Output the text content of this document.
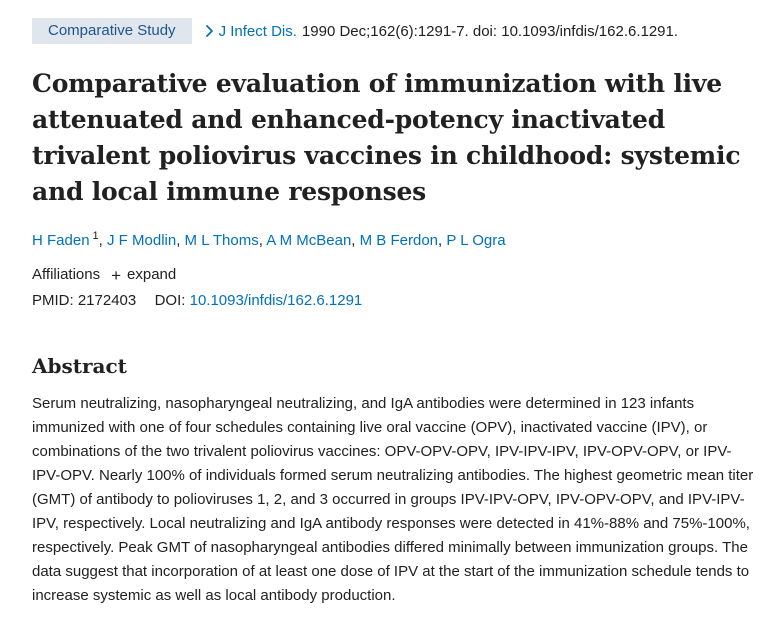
Comparative Study	J Infect Dis. 1990 Dec;162(6):1291-7. doi: 10.1093/infdis/162.6.1291.
Comparative evaluation of immunization with live attenuated and enhanced-potency inactivated trivalent poliovirus vaccines in childhood: systemic and local immune responses
H Faden $^1$, J F Modlin, M L Thoms, A M McBean, M B Ferdon, P L Ogra
Affiliations + expand
PMID: 2172403 DOI: 10.1093/infdis/162.6.1291
Abstract
Serum neutralizing, nasopharyngeal neutralizing, and IgA antibodies were determined in 123 infants immunized with one of four schedules containing live oral vaccine (OPV), inactivated vaccine (IPV), or combinations of the two trivalent poliovirus vaccines: OPV-OPV-OPV, IPV-IPV-IPV, IPV-OPV-OPV, or IPV-IPV-OPV. Nearly 100% of individuals formed serum neutralizing antibodies. The highest geometric mean titer (GMT) of antibody to polioviruses 1, 2, and 3 occurred in groups IPV-IPV-OPV, IPV-OPV-OPV, and IPV-IPV-IPV, respectively. Local neutralizing and IgA antibody responses were detected in 41%-88% and 75%-100%, respectively. Peak GMT of nasopharyngeal antibodies differed minimally between immunization groups. The data suggest that incorporation of at least one dose of IPV at the start of the immunization schedule tends to increase systemic as well as local antibody production.
